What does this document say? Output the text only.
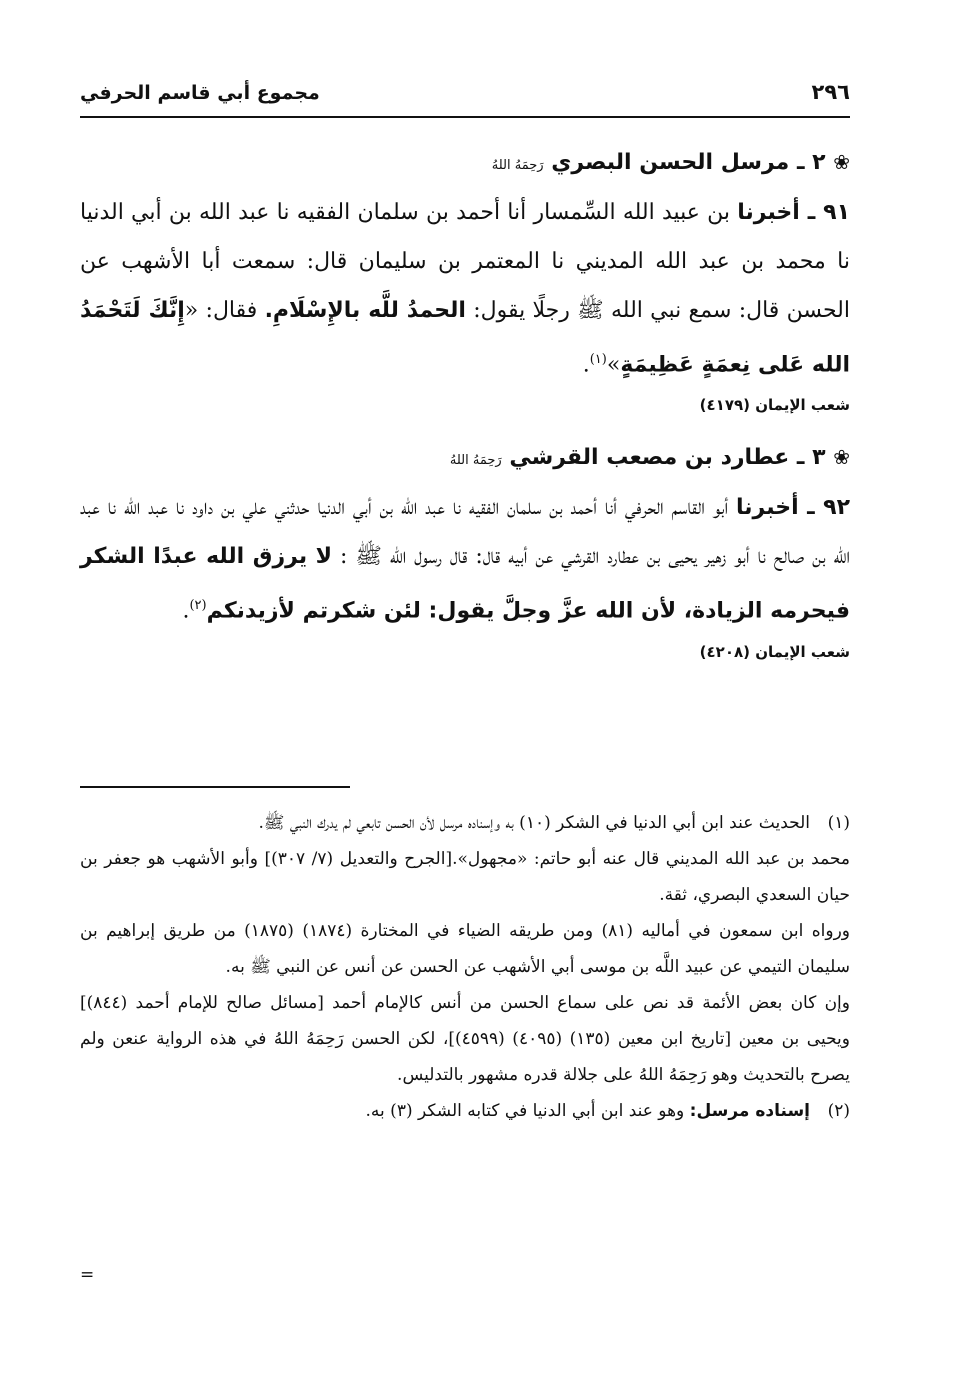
٢٩٦
مجموع أبي قاسم الحرفي

❀ ٢ ـ مرسل الحسن البصري رَحِمَهُ اللهُ

٩١ ـ أخبرنا بن عبيد الله السِّمسار أنا أحمد بن سلمان الفقيه نا عبد الله بن أبي الدنيا نا محمد بن عبد الله المديني نا المعتمر بن سليمان قال: سمعت أبا الأشهب عن الحسن قال: سمع نبي الله ﷺ رجلًا يقول: الحمدُ للَّه بالإِسْلَامِ. فقال: «إِنَّكَ لَتَحْمَدُ الله عَلى نِعمَةٍ عَظِيمَةٍ»$^{(١)}$.

شعب الإيمان (٤١٧٩)

❀ ٣ ـ عطارد بن مصعب القرشي رَحِمَهُ اللهُ

٩٢ ـ أخبرنا أبو القاسم الحرفي أنا أحمد بن سلمان الفقيه نا عبد الله بن أبي الدنيا حدثني علي بن داود نا عبد الله نا عبد الله بن صالح نا أبو زهير يحيى بن عطارد القرشي عن أبيه قال: قال رسول الله ﷺ : لا يرزق الله عبدًا الشكر فيحرمه الزيادة، لأن الله عزَّ وجلَّ يقول: لئن شكرتم لأزيدنكم$^{(٢)}$.

شعب الإيمان (٤٢٠٨)

(١)

الحديث عند ابن أبي الدنيا في الشكر (١٠) به وإسناده مرسل لأن الحسن تابعي لم يدرك النبي ﷺ.

محمد بن عبد الله المديني قال عنه أبو حاتم: «مجهول».[الجرح والتعديل (٧/ ٣٠٧)] وأبو الأشهب هو جعفر بن حيان السعدي البصري، ثقة.

ورواه ابن سمعون في أماليه (٨١) ومن طريقه الضياء في المختارة (١٨٧٤) (١٨٧٥) من طريق إبراهيم بن سليمان التيمي عن عبيد اللَّه بن موسى أبي الأشهب عن الحسن عن أنس عن النبي ﷺ به.

وإن كان بعض الأئمة قد نص على سماع الحسن من أنس كالإمام أحمد [مسائل صالح للإمام أحمد (٨٤٤)] ويحيى بن معين [تاريخ ابن معين (١٣٥) (٤٠٩٥) (٤٥٩٩)]، لكن الحسن رَحِمَهُ اللهُ في هذه الرواية عنعن ولم يصرح بالتحديث وهو رَحِمَهُ اللهُ على جلالة قدره مشهور بالتدليس.

(٢)

إسناده مرسل: وهو عند ابن أبي الدنيا في كتابه الشكر (٣) به.

=
